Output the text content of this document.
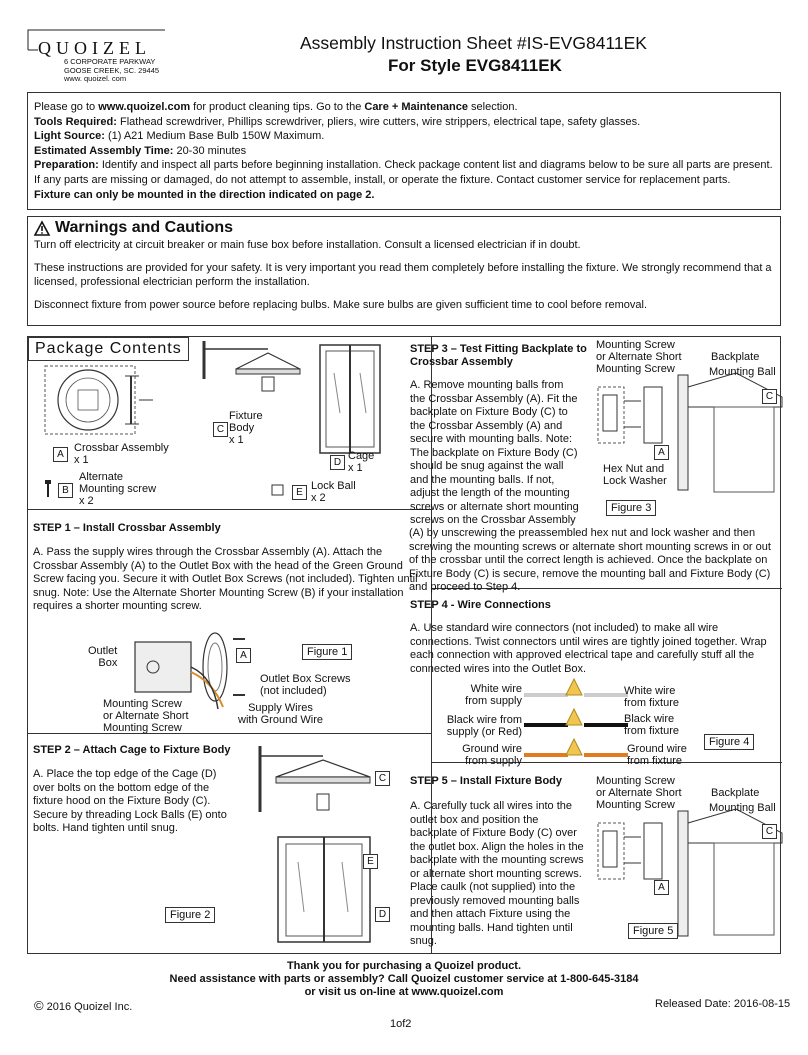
QUOIZEL
6 CORPORATE PARKWAY
GOOSE CREEK, SC. 29445
www. quoizel. com
Assembly Instruction Sheet #IS-EVG8411EK
For Style EVG8411EK

Please go to www.quoizel.com for product cleaning tips. Go to the Care + Maintenance selection.

Tools Required: Flathead screwdriver, Phillips screwdriver, pliers, wire cutters, wire strippers, electrical tape, safety glasses.

Light Source: (1) A21 Medium Base Bulb 150W Maximum.

Estimated Assembly Time: 20-30 minutes

Preparation: Identify and inspect all parts before beginning installation. Check package content list and diagrams below to be sure all parts are present. If any parts are missing or damaged, do not attempt to assemble, install, or operate the fixture. Contact customer service for replacement parts.

Fixture can only be mounted in the direction indicated on page 2.

Warnings and Cautions

Turn off electricity at circuit breaker or main fuse box before installation. Consult a licensed electrician if in doubt.

These instructions are provided for your safety. It is very important you read them completely before installing the fixture. We strongly recommend that a licensed, professional electrician perform the installation.

Disconnect fixture from power source before replacing bulbs. Make sure bulbs are given sufficient time to cool before removal.

Package Contents
A
Crossbar Assembly
x 1
B
Alternate
Mounting screw
x 2
C
Fixture
Body
x 1
D
Cage
x 1
E
Lock Ball
x 2
STEP 1 – Install Crossbar Assembly
A. Pass the supply wires through the Crossbar Assembly (A). Attach the Crossbar Assembly (A) to the Outlet Box with the head of the Green Ground Screw facing you. Secure it with Outlet Box Screws (not included). Tighten until snug. Note: Use the Alternate Shorter Mounting Screw (B) if your installation requires a shorter mounting screw.
Outlet
Box
A	Figure 1
Outlet Box Screws
(not included)
Mounting Screw
or Alternate Short
Mounting Screw
Supply Wires
with Ground Wire
STEP 2 – Attach Cage to Fixture Body
A. Place the top edge of the Cage (D) over bolts on the bottom edge of the fixture hood on the Fixture Body (C). Secure by threading Lock Balls (E) onto bolts. Hand tighten until snug.
C
E
D
Figure 2
STEP 3 – Test Fitting Backplate to Crossbar Assembly
A. Remove mounting balls from the Crossbar Assembly (A). Fit the backplate on Fixture Body (C) to the Crossbar Assembly (A) and secure with mounting balls. Note: The backplate on Fixture Body (C) should be snug against the wall and the mounting balls. If not, adjust the length of the mounting screws or alternate short mounting screws on the Crossbar Assembly
Mounting Screw
or Alternate Short
Mounting Screw
Backplate
Mounting Ball
C
A
Hex Nut and
Lock Washer
Figure 3
STEP 4 - Wire Connections
A. Use standard wire connectors (not included) to make all wire connections. Twist connectors until wires are tightly joined together. Wrap each connection with approved electrical tape and carefully stuff all the connected wires into the Outlet Box.
White wire
from supply
White wire
from fixture
Black wire from
supply (or Red)
Black wire
from fixture
Ground wire
from supply
Ground wire
from fixture
Figure 4
STEP 5 – Install Fixture Body
A. Carefully tuck all wires into the outlet box and position the backplate of Fixture Body (C) over the outlet box. Align the holes in the backplate with the mounting screws or alternate short mounting screws. Place caulk (not supplied) into the previously removed mounting balls and then attach Fixture using the mounting balls. Hand tighten until snug.
Mounting Screw
or Alternate Short
Mounting Screw
Backplate
Mounting Ball
C
A
Figure 5
(A) by unscrewing the preassembled hex nut and lock washer and then screwing the mounting screws or alternate short mounting screws in or out of the crossbar until the correct length is achieved. Once the backplate on Fixture Body (C) is secure, remove the mounting ball and Fixture Body (C) and proceed to Step 4.
Thank you for purchasing a Quoizel product.
Need assistance with parts or assembly? Call Quoizel customer service at 1-800-645-3184
or visit us on-line at www.quoizel.com
© 2016 Quoizel Inc.	Released Date: 2016-08-15
1of2
